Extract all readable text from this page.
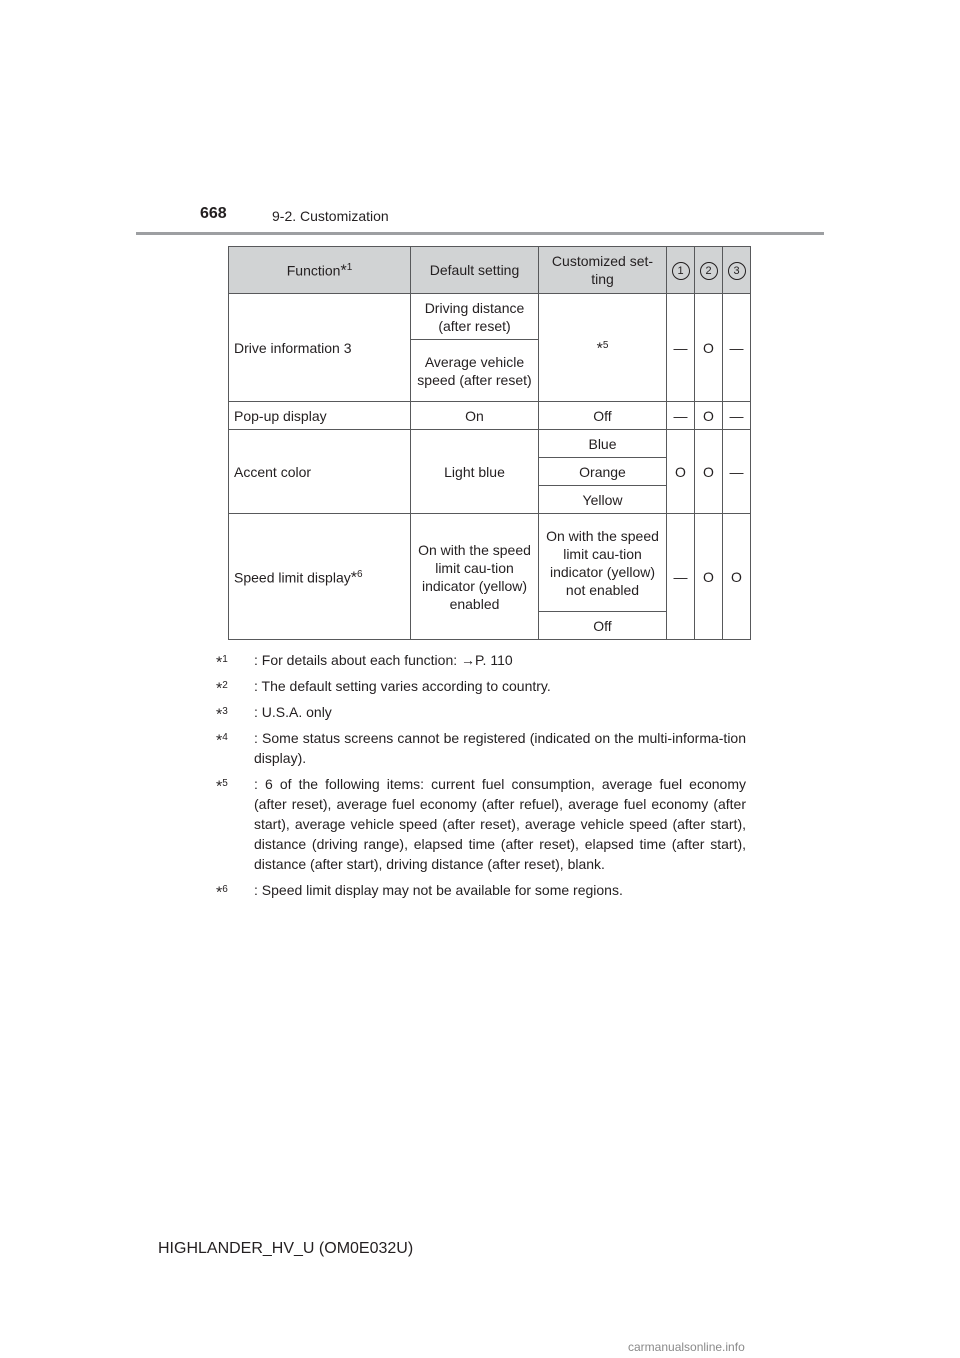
668	9-2. Customization
Function*$^1$	Default setting	Customized set-ting	1	2	3
Drive information 3	Driving distance (after reset)	*$^5$	—	O	—
	Average vehicle speed (after reset)				
Pop-up display	On	Off	—	O	—
Accent color	Light blue	Blue	O	O	—
		Orange			
		Yellow			
Speed limit display*$^6$	On with the speed limit cau-tion indicator (yellow) enabled	On with the speed limit cau-tion indicator (yellow) not enabled	—	O	O
		Off			
*$^1$ : For details about each function: →P. 110
*$^2$ : The default setting varies according to country.
*$^3$ : U.S.A. only
*$^4$ : Some status screens cannot be registered (indicated on the multi-informa-tion display).
*$^5$ : 6 of the following items: current fuel consumption, average fuel economy (after reset), average fuel economy (after refuel), average fuel economy (after start), average vehicle speed (after reset), average vehicle speed (after start), distance (driving range), elapsed time (after reset), elapsed time (after start), distance (after start), driving distance (after reset), blank.
*$^6$ : Speed limit display may not be available for some regions.
HIGHLANDER_HV_U (OM0E032U)
carmanualsonline.info
